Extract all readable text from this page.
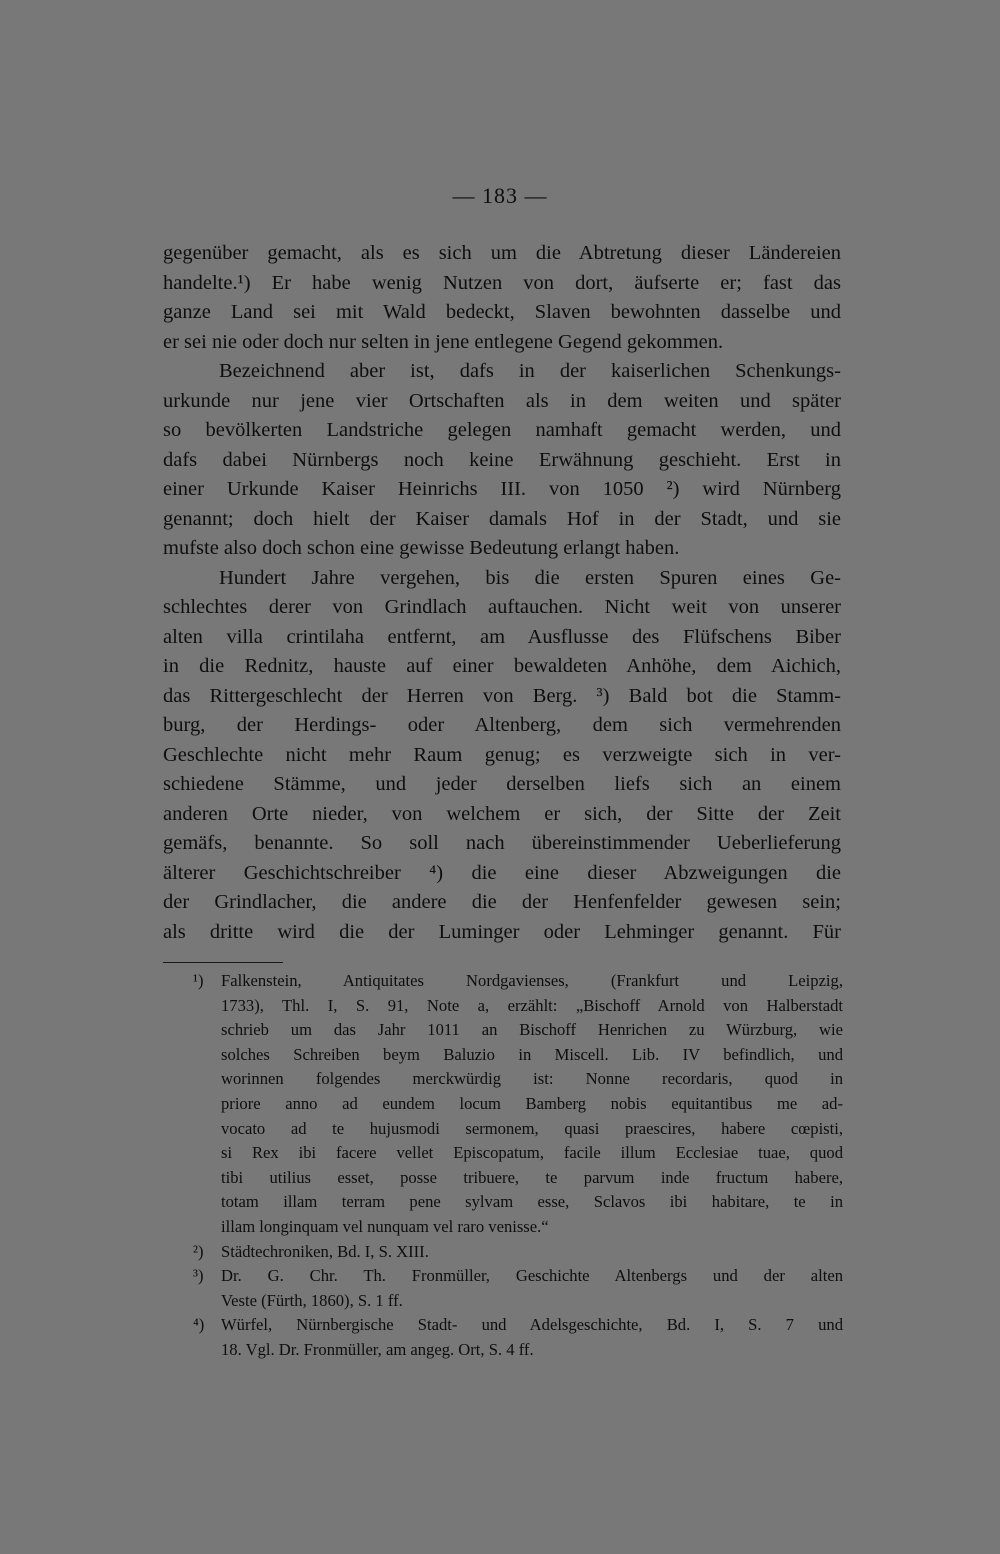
— 183 —
gegenüber gemacht, als es sich um die Abtretung dieser Ländereien
handelte.¹) Er habe wenig Nutzen von dort, äufserte er; fast das
ganze Land sei mit Wald bedeckt, Slaven bewohnten dasselbe und
er sei nie oder doch nur selten in jene entlegene Gegend gekommen.
Bezeichnend aber ist, dafs in der kaiserlichen Schenkungs-
urkunde nur jene vier Ortschaften als in dem weiten und später
so bevölkerten Landstriche gelegen namhaft gemacht werden, und
dafs dabei Nürnbergs noch keine Erwähnung geschieht. Erst in
einer Urkunde Kaiser Heinrichs III. von 1050 ²) wird Nürnberg
genannt; doch hielt der Kaiser damals Hof in der Stadt, und sie
mufste also doch schon eine gewisse Bedeutung erlangt haben.
Hundert Jahre vergehen, bis die ersten Spuren eines Ge-
schlechtes derer von Grindlach auftauchen. Nicht weit von unserer
alten villa crintilaha entfernt, am Ausflusse des Flüfschens Biber
in die Rednitz, hauste auf einer bewaldeten Anhöhe, dem Aichich,
das Rittergeschlecht der Herren von Berg. ³) Bald bot die Stamm-
burg, der Herdings- oder Altenberg, dem sich vermehrenden
Geschlechte nicht mehr Raum genug; es verzweigte sich in ver-
schiedene Stämme, und jeder derselben liefs sich an einem
anderen Orte nieder, von welchem er sich, der Sitte der Zeit
gemäfs, benannte. So soll nach übereinstimmender Ueberlieferung
älterer Geschichtschreiber ⁴) die eine dieser Abzweigungen die
der Grindlacher, die andere die der Henfenfelder gewesen sein;
als dritte wird die der Luminger oder Lehminger genannt. Für
¹) Falkenstein, Antiquitates Nordgavienses, (Frankfurt und Leipzig,
1733), Thl. I, S. 91, Note a, erzählt: „Bischoff Arnold von Halberstadt
schrieb um das Jahr 1011 an Bischoff Henrichen zu Würzburg, wie
solches Schreiben beym Baluzio in Miscell. Lib. IV befindlich, und
worinnen folgendes merckwürdig ist: Nonne recordaris, quod in
priore anno ad eundem locum Bamberg nobis equitantibus me ad-
vocato ad te hujusmodi sermonem, quasi praescires, habere cœpisti,
si Rex ibi facere vellet Episcopatum, facile illum Ecclesiae tuae, quod
tibi utilius esset, posse tribuere, te parvum inde fructum habere,
totam illam terram pene sylvam esse, Sclavos ibi habitare, te in
illam longinquam vel nunquam vel raro venisse.“
²) Städtechroniken, Bd. I, S. XIII.
³) Dr. G. Chr. Th. Fronmüller, Geschichte Altenbergs und der alten
Veste (Fürth, 1860), S. 1 ff.
⁴) Würfel, Nürnbergische Stadt- und Adelsgeschichte, Bd. I, S. 7 und
18. Vgl. Dr. Fronmüller, am angeg. Ort, S. 4 ff.
